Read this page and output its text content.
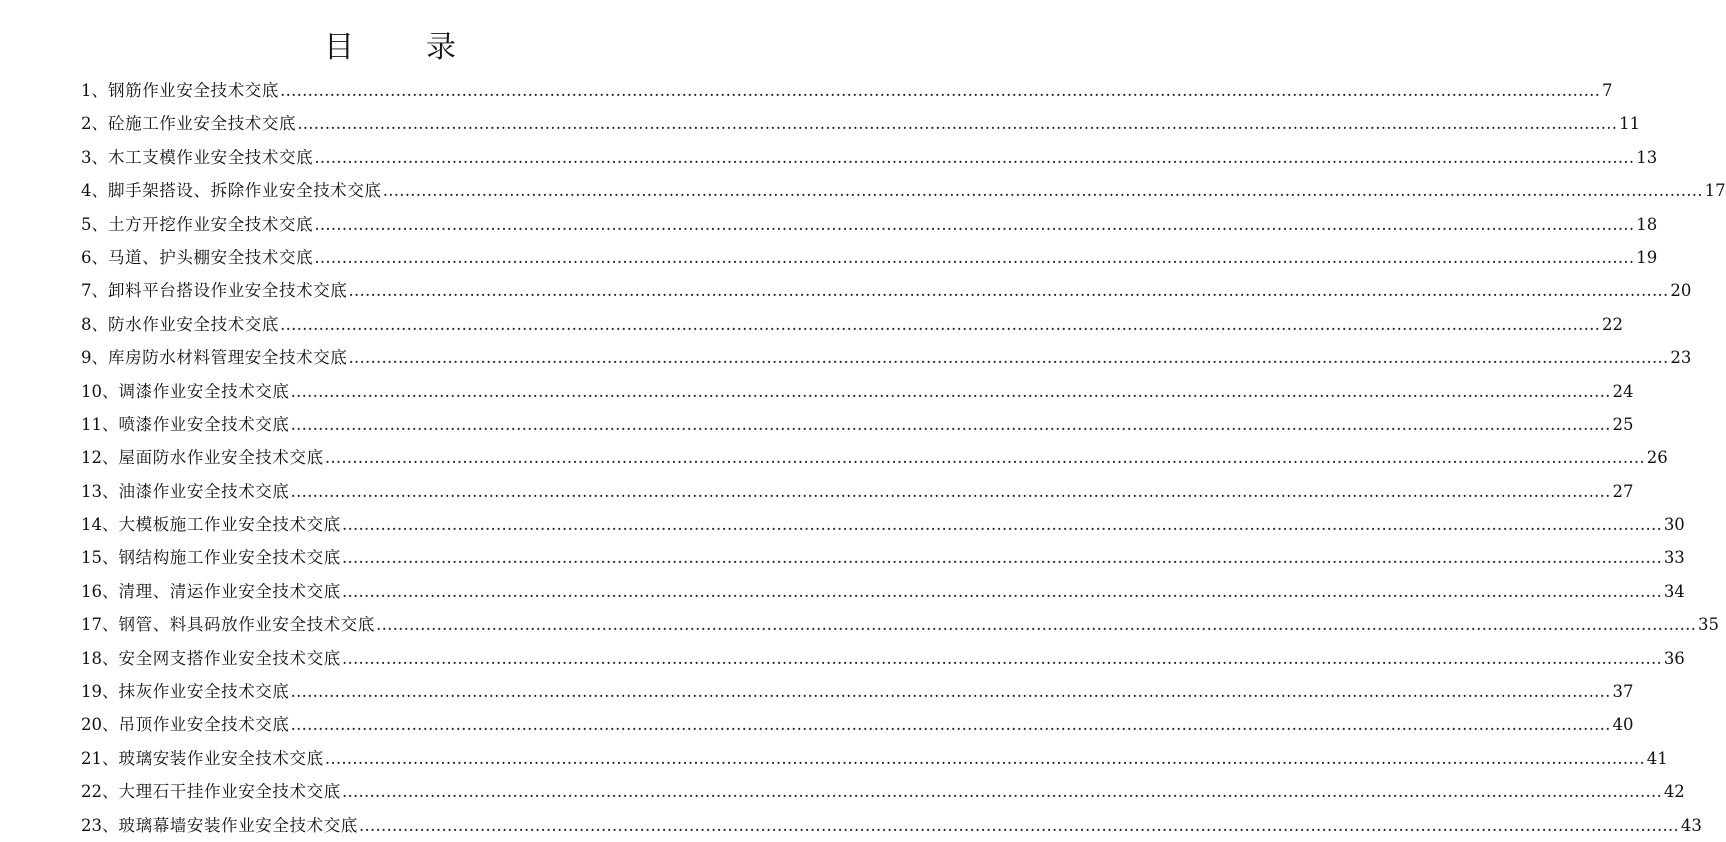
目 录
1、 钢筋作业安全技术交底 …………………………………………………………………………………………………………………………………………………………………………………………………………………… 7
2、 砼施工作业安全技术交底 …………………………………………………………………………………………………………………………………………………………………………………………………………………… 11
3、 木工支模作业安全技术交底 …………………………………………………………………………………………………………………………………………………………………………………………………………………… 13
4、 脚手架搭设、拆除作业安全技术交底 …………………………………………………………………………………………………………………………………………………………………………………………………………………… 17
5、 土方开挖作业安全技术交底 …………………………………………………………………………………………………………………………………………………………………………………………………………………… 18
6、 马道、护头棚安全技术交底 …………………………………………………………………………………………………………………………………………………………………………………………………………………… 19
7、 卸料平台搭设作业安全技术交底 …………………………………………………………………………………………………………………………………………………………………………………………………………………… 20
8、 防水作业安全技术交底 …………………………………………………………………………………………………………………………………………………………………………………………………………………… 22
9、 库房防水材料管理安全技术交底 …………………………………………………………………………………………………………………………………………………………………………………………………………………… 23
10、 调漆作业安全技术交底 …………………………………………………………………………………………………………………………………………………………………………………………………………………… 24
11、 喷漆作业安全技术交底 …………………………………………………………………………………………………………………………………………………………………………………………………………………… 25
12、 屋面防水作业安全技术交底 …………………………………………………………………………………………………………………………………………………………………………………………………………………… 26
13、 油漆作业安全技术交底 …………………………………………………………………………………………………………………………………………………………………………………………………………………… 27
14、 大模板施工作业安全技术交底 …………………………………………………………………………………………………………………………………………………………………………………………………………………… 30
15、 钢结构施工作业安全技术交底 …………………………………………………………………………………………………………………………………………………………………………………………………………………… 33
16、 清理、清运作业安全技术交底 …………………………………………………………………………………………………………………………………………………………………………………………………………………… 34
17、 钢管、料具码放作业安全技术交底 …………………………………………………………………………………………………………………………………………………………………………………………………………………… 35
18、 安全网支搭作业安全技术交底 …………………………………………………………………………………………………………………………………………………………………………………………………………………… 36
19、 抹灰作业安全技术交底 …………………………………………………………………………………………………………………………………………………………………………………………………………………… 37
20、 吊顶作业安全技术交底 …………………………………………………………………………………………………………………………………………………………………………………………………………………… 40
21、 玻璃安装作业安全技术交底 …………………………………………………………………………………………………………………………………………………………………………………………………………………… 41
22、 大理石干挂作业安全技术交底 …………………………………………………………………………………………………………………………………………………………………………………………………………………… 42
23、 玻璃幕墙安装作业安全技术交底 …………………………………………………………………………………………………………………………………………………………………………………………………………………… 43
